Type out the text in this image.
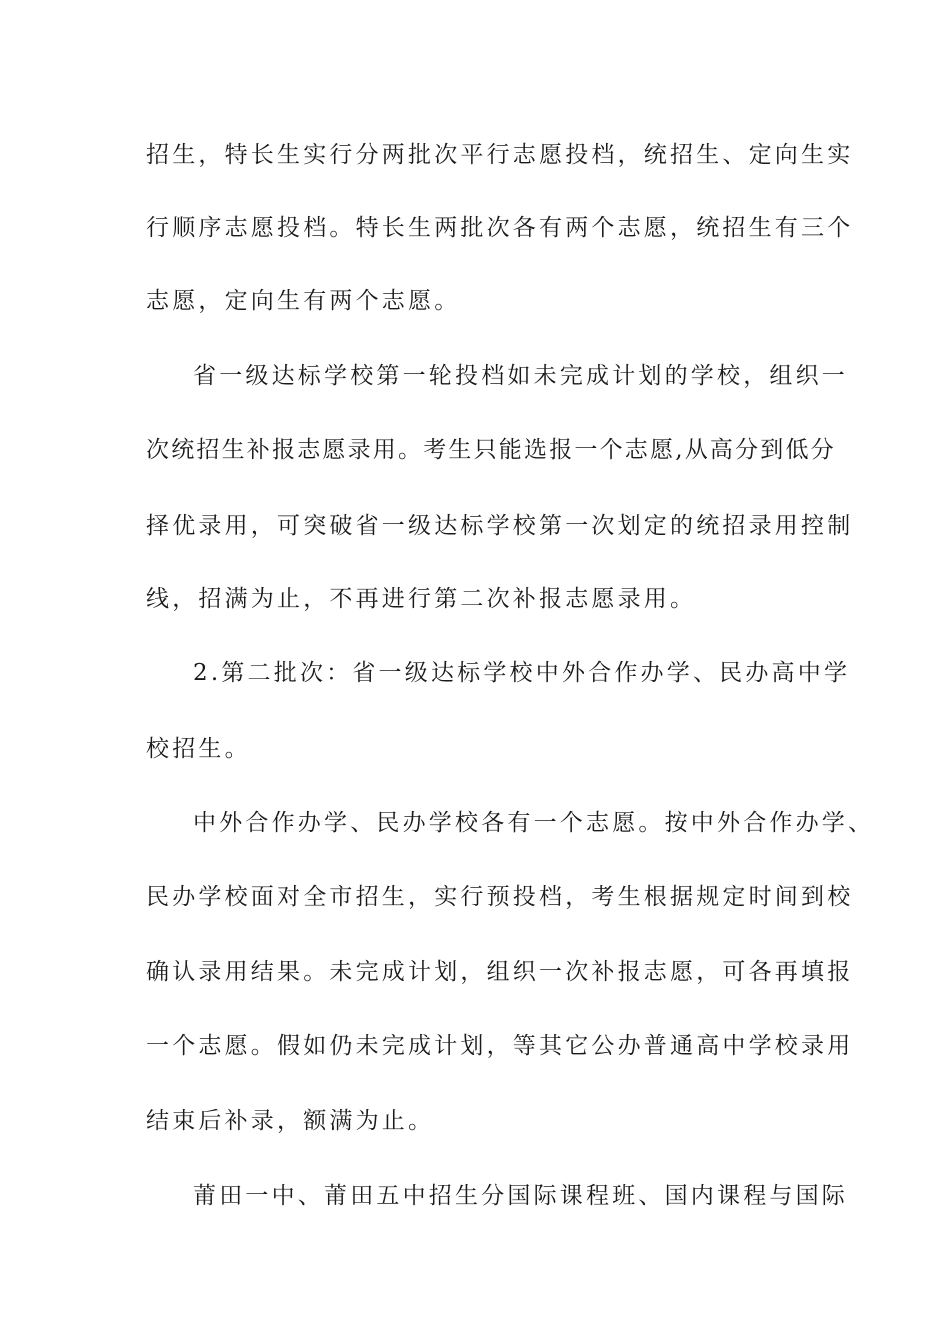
招生，特长生实行分两批次平行志愿投档，统招生、定向生实

行顺序志愿投档。特长生两批次各有两个志愿，统招生有三个

志愿，定向生有两个志愿。

省一级达标学校第一轮投档如未完成计划的学校，组织一

次统招生补报志愿录用。考生只能选报一个志愿,从高分到低分

择优录用，可突破省一级达标学校第一次划定的统招录用控制

线，招满为止，不再进行第二次补报志愿录用。

2.第二批次：省一级达标学校中外合作办学、民办高中学

校招生。

中外合作办学、民办学校各有一个志愿。按中外合作办学、

民办学校面对全市招生，实行预投档，考生根据规定时间到校

确认录用结果。未完成计划，组织一次补报志愿，可各再填报

一个志愿。假如仍未完成计划，等其它公办普通高中学校录用

结束后补录，额满为止。

莆田一中、莆田五中招生分国际课程班、国内课程与国际
